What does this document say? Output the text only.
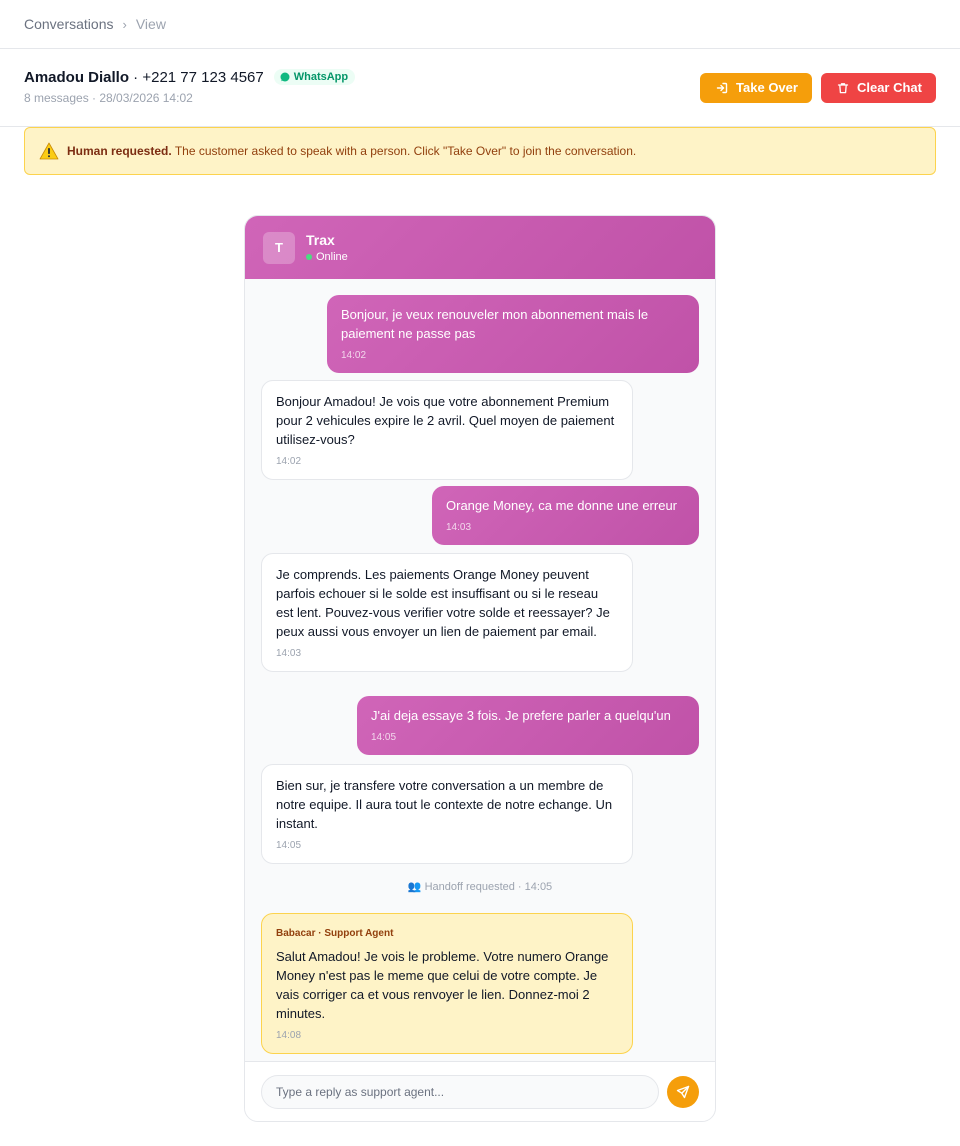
Conversations › View
Amadou Diallo · +221 77 123 4567	WhatsApp
8 messages · 28/03/2026 14:02
Take Over	Clear Chat
Human requested. The customer asked to speak with a person. Click "Take Over" to join the conversation.
T	Trax
Online
Bonjour, je veux renouveler mon abonnement mais le paiement ne passe pas
14:02
Bonjour Amadou! Je vois que votre abonnement Premium pour 2 vehicules expire le 2 avril. Quel moyen de paiement utilisez-vous?
14:02
Orange Money, ca me donne une erreur
14:03
Je comprends. Les paiements Orange Money peuvent parfois echouer si le solde est insuffisant ou si le reseau est lent. Pouvez-vous verifier votre solde et reessayer? Je peux aussi vous envoyer un lien de paiement par email.
14:03
J'ai deja essaye 3 fois. Je prefere parler a quelqu'un
14:05
Bien sur, je transfere votre conversation a un membre de notre equipe. Il aura tout le contexte de notre echange. Un instant.
14:05
👥 Handoff requested · 14:05
Babacar · Support Agent
Salut Amadou! Je vois le probleme. Votre numero Orange Money n'est pas le meme que celui de votre compte. Je vais corriger ca et vous renvoyer le lien. Donnez-moi 2 minutes.
14:08
Type a reply as support agent...
